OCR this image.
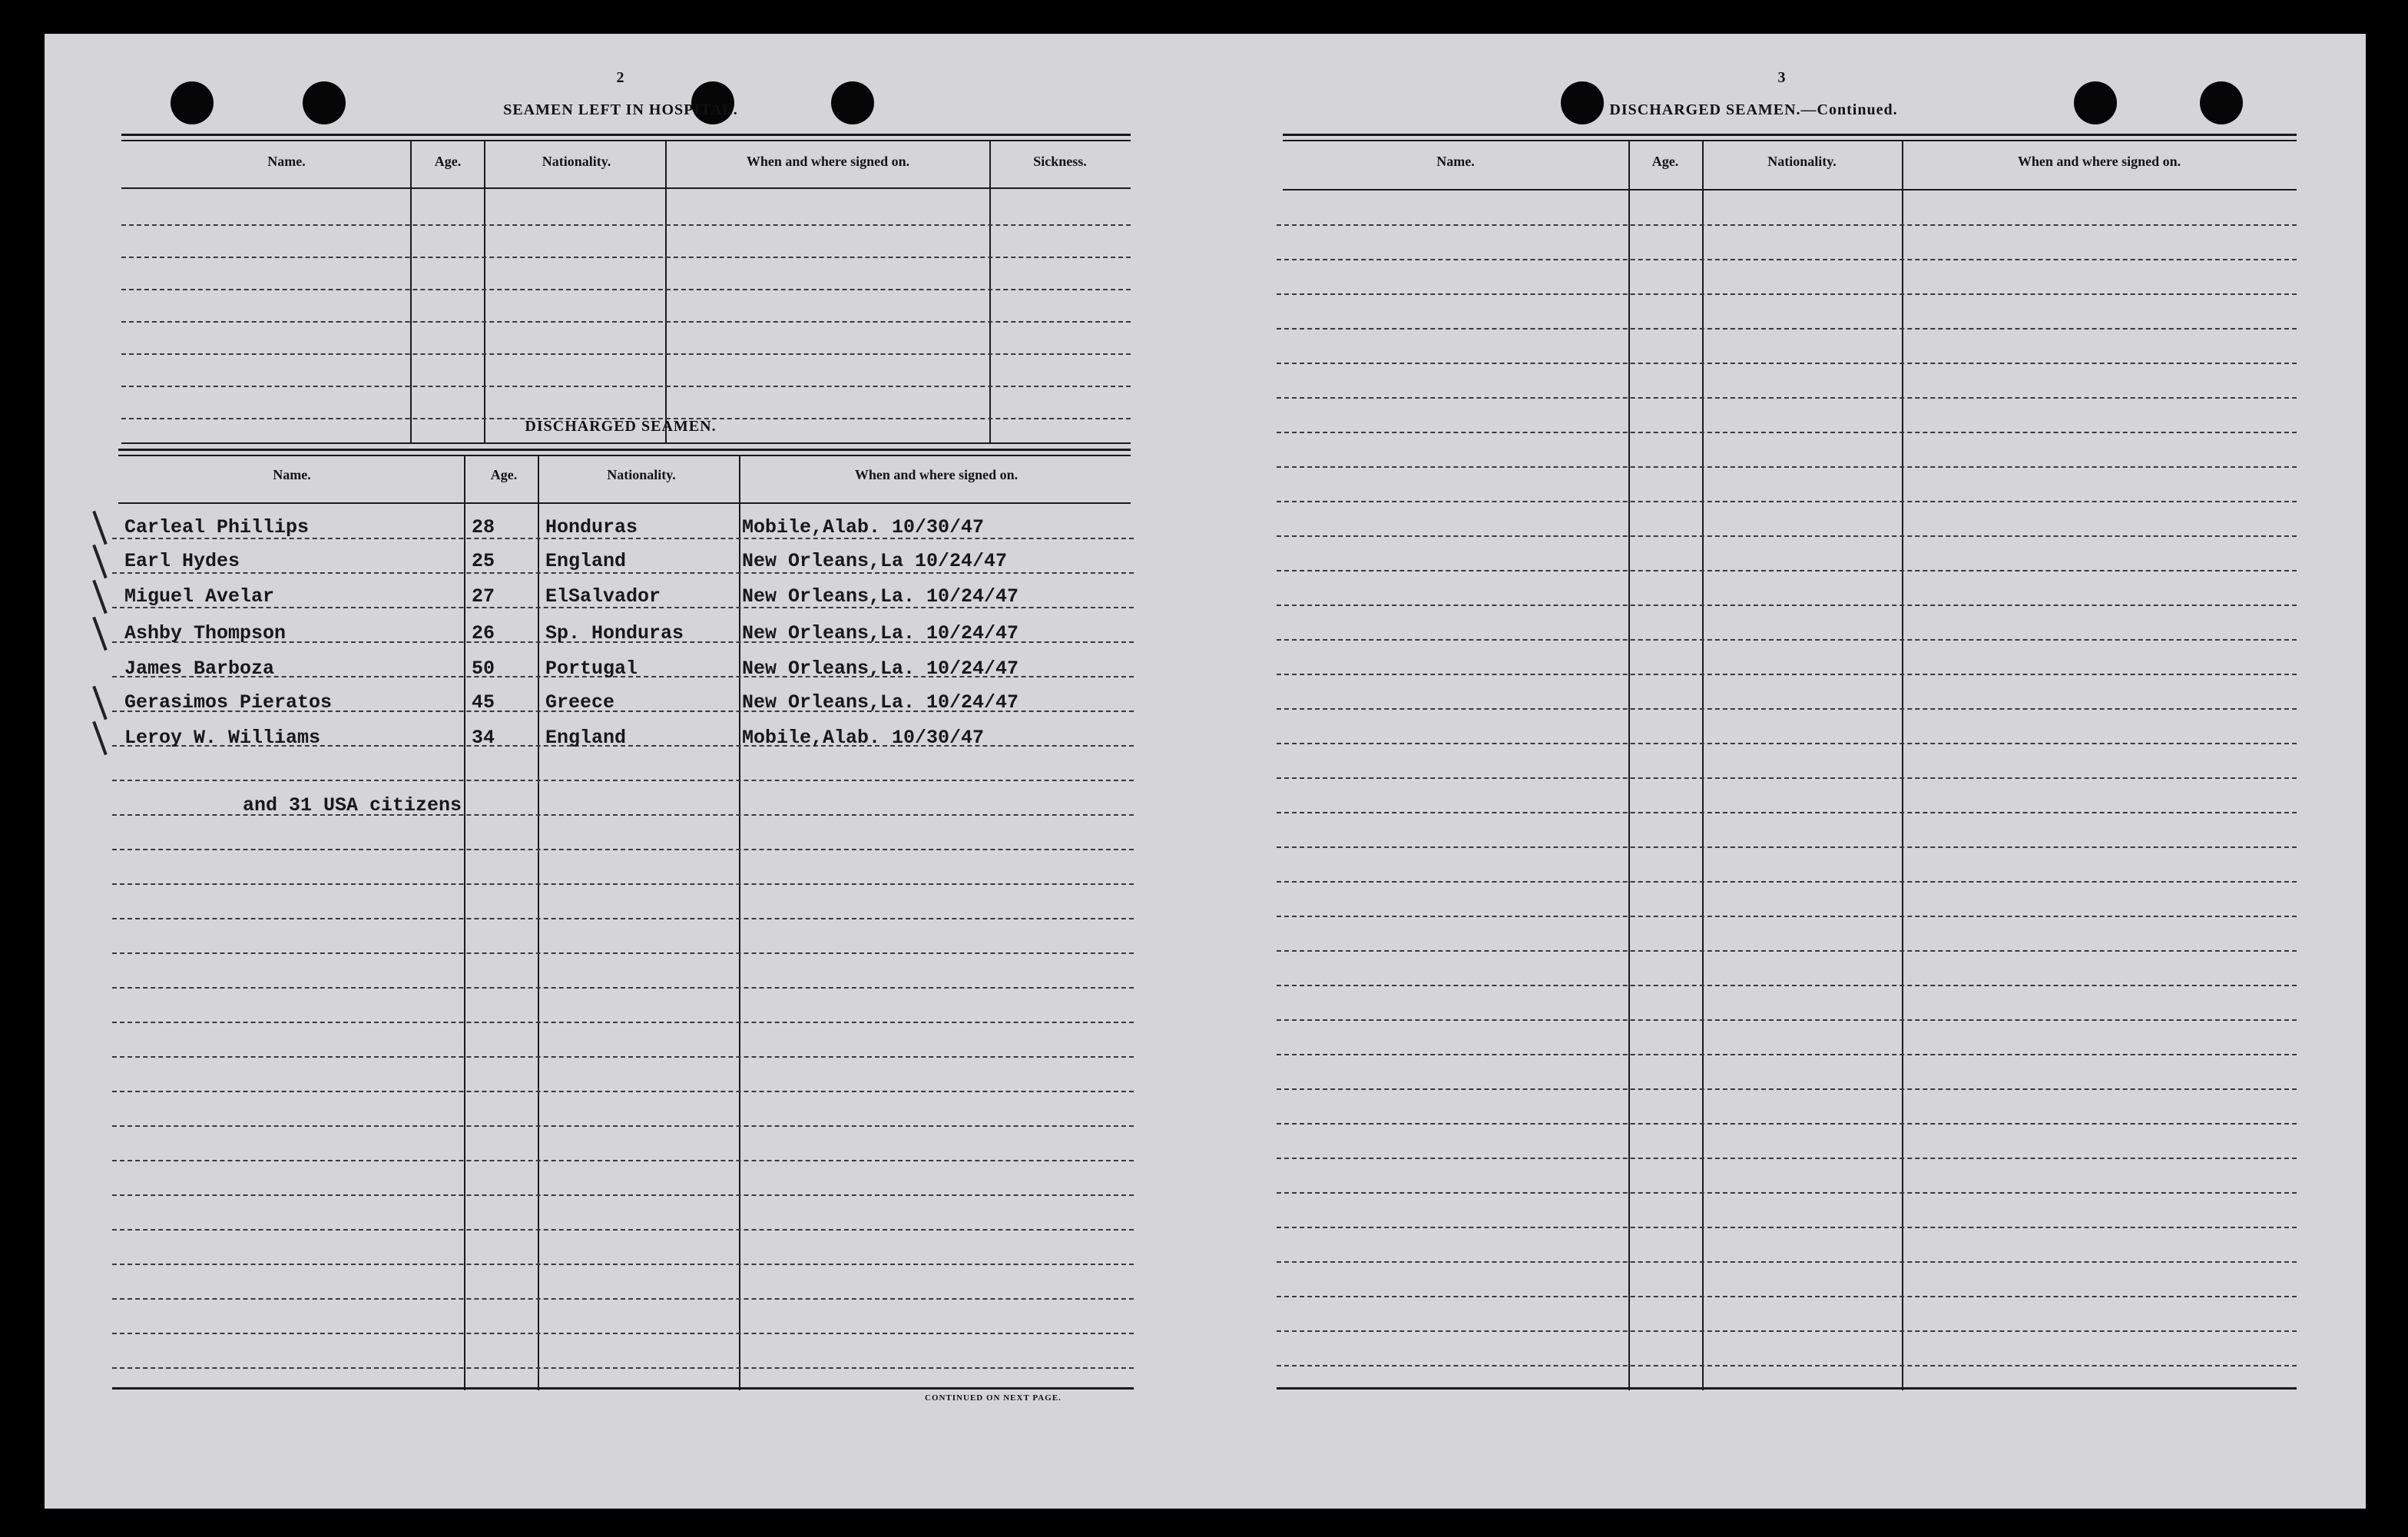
2
SEAMEN LEFT IN HOSPITAL.
Name.	Age.	Nationality.	When and where signed on.	Sickness.
DISCHARGED SEAMEN.
Name.	Age.	Nationality.	When and where signed on.
CONTINUED ON NEXT PAGE.
Carleal Phillips	28	Honduras	Mobile,Alab. 10/30/47
Earl Hydes	25	England	New Orleans,La 10/24/47
Miguel Avelar	27	ElSalvador	New Orleans,La. 10/24/47
Ashby Thompson	26	Sp. Honduras	New Orleans,La. 10/24/47
James Barboza	50	Portugal	New Orleans,La. 10/24/47
Gerasimos Pieratos	45	Greece	New Orleans,La. 10/24/47
Leroy W. Williams	34	England	Mobile,Alab. 10/30/47
and 31 USA citizens
3
DISCHARGED SEAMEN.—Continued.
Name.	Age.	Nationality.	When and where signed on.
